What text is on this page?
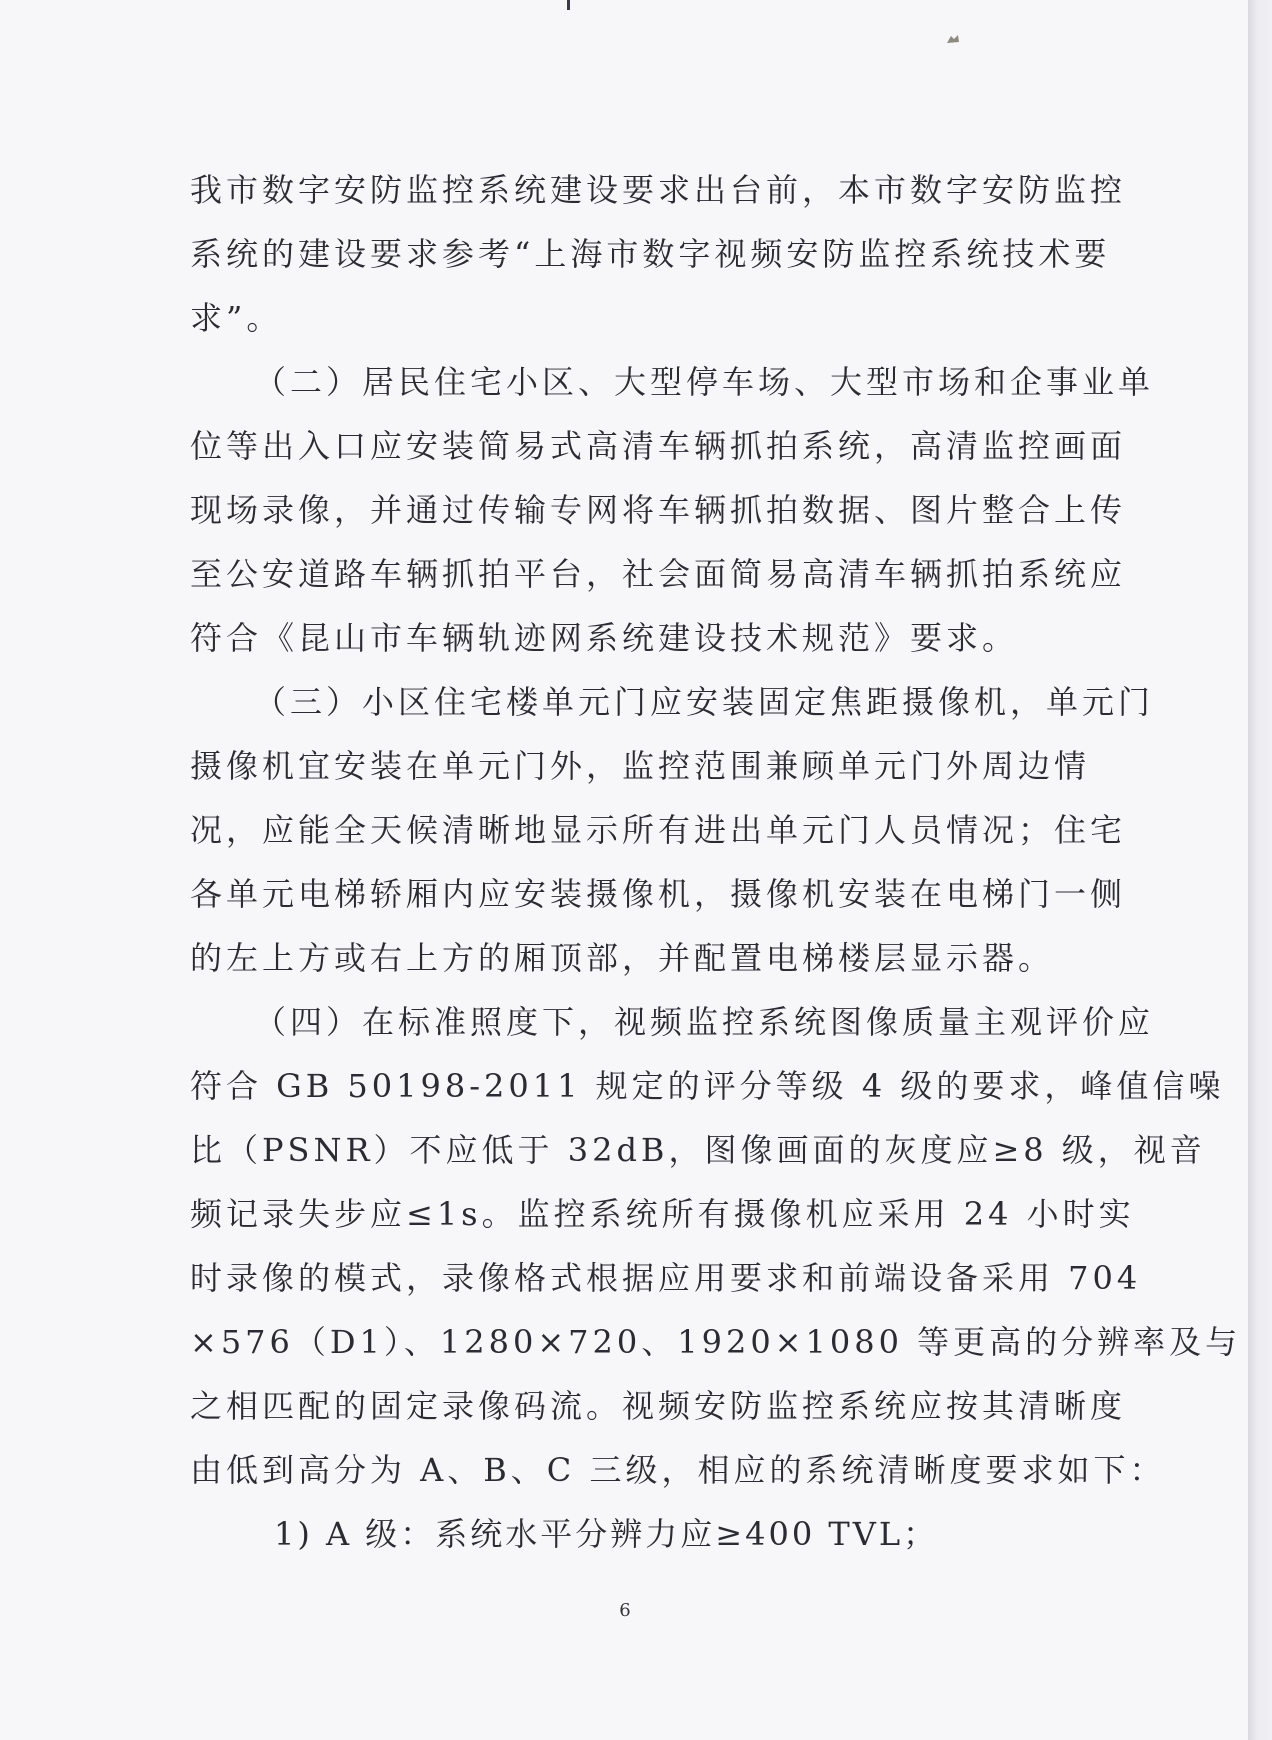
我市数字安防监控系统建设要求出台前，本市数字安防监控
系统的建设要求参考“上海市数字视频安防监控系统技术要
求”。
（二）居民住宅小区、大型停车场、大型市场和企事业单
位等出入口应安装简易式高清车辆抓拍系统，高清监控画面
现场录像，并通过传输专网将车辆抓拍数据、图片整合上传
至公安道路车辆抓拍平台，社会面简易高清车辆抓拍系统应
符合《昆山市车辆轨迹网系统建设技术规范》要求。
（三）小区住宅楼单元门应安装固定焦距摄像机，单元门
摄像机宜安装在单元门外，监控范围兼顾单元门外周边情
况，应能全天候清晰地显示所有进出单元门人员情况；住宅
各单元电梯轿厢内应安装摄像机，摄像机安装在电梯门一侧
的左上方或右上方的厢顶部，并配置电梯楼层显示器。
（四）在标准照度下，视频监控系统图像质量主观评价应
符合 GB 50198-2011 规定的评分等级 4 级的要求，峰值信噪
比（PSNR）不应低于 32dB，图像画面的灰度应≥8 级，视音
频记录失步应≤1s。监控系统所有摄像机应采用 24 小时实
时录像的模式，录像格式根据应用要求和前端设备采用 704
×576（D1）、1280×720、1920×1080 等更高的分辨率及与
之相匹配的固定录像码流。视频安防监控系统应按其清晰度
由低到高分为 A、B、C 三级，相应的系统清晰度要求如下：
1) A 级：系统水平分辨力应≥400 TVL；
6
